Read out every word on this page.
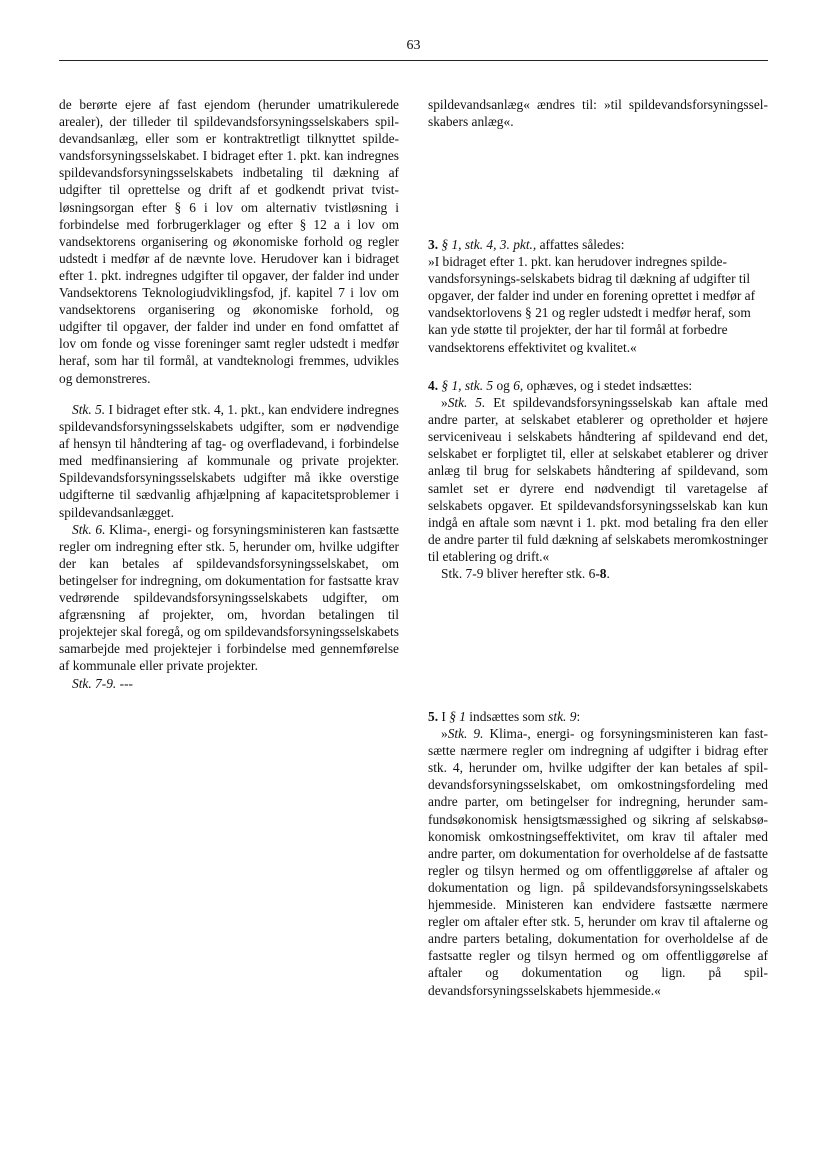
63

de berørte ejere af fast ejendom (herunder umatrikulerede arealer), der tilleder til spildevandsforsyningsselskabers spildevandsanlæg, eller som er kontraktretligt tilknyttet spildevandsforsyningsselskabet. I bidraget efter 1. pkt. kan indregnes spildevandsforsyningsselskabets indbetaling til dækning af udgifter til oprettelse og drift af et godkendt privat tvistløsningsorgan efter § 6 i lov om alternativ tvistløsning i forbindelse med forbrugerklager og efter § 12 a i lov om vandsektorens organisering og økonomiske forhold og regler udstedt i medfør af de nævnte love. Herudover kan i bidraget efter 1. pkt. indregnes udgifter til opgaver, der falder ind under Vandsektorens Teknologiudviklingsfod, jf. kapitel 7 i lov om vandsektorens organisering og økonomiske forhold, og udgifter til opgaver, der falder ind under en fond omfattet af lov om fonde og visse foreninger samt regler udstedt i medfør heraf, som har til formål, at vandteknologi fremmes, udvikles og demonstreres.

Stk. 5. I bidraget efter stk. 4, 1. pkt., kan endvidere indregnes spildevandsforsyningsselskabets udgifter, som er nødvendige af hensyn til håndtering af tag- og overfladevand, i forbindelse med medfinansiering af kommunale og private projekter. Spildevandsforsyningsselskabets udgifter må ikke overstige udgifterne til sædvanlig afhjælpning af kapacitetsproblemer i spildevandsanlægget.

Stk. 6. Klima-, energi- og forsyningsministeren kan fastsætte regler om indregning efter stk. 5, herunder om, hvilke udgifter der kan betales af spildevandsforsyningsselskabet, om betingelser for indregning, om dokumentation for fastsatte krav vedrørende spildevandsforsyningsselskabets udgifter, om afgrænsning af projekter, om, hvordan betalingen til projektejer skal foregå, og om spildevandsforsyningsselskabets samarbejde med projektejer i forbindelse med gennemførelse af kommunale eller private projekter.

Stk. 7-9. ---

spildevandsanlæg« ændres til: »til spildevandsforsyningsselskabers anlæg«.

3. § 1, stk. 4, 3. pkt., affattes således:

»I bidraget efter 1. pkt. kan herudover indregnes spildevandsforsynings-selskabets bidrag til dækning af udgifter til opgaver, der falder ind under en forening oprettet i medfør af vandsektorlovens § 21 og regler udstedt i medfør heraf, som kan yde støtte til projekter, der har til formål at forbedre vandsektorens effektivitet og kvalitet.«

4. § 1, stk. 5 og 6, ophæves, og i stedet indsættes:

»Stk. 5. Et spildevandsforsyningsselskab kan aftale med andre parter, at selskabet etablerer og opretholder et højere serviceniveau i selskabets håndtering af spildevand end det, selskabet er forpligtet til, eller at selskabet etablerer og driver anlæg til brug for selskabets håndtering af spildevand, som samlet set er dyrere end nødvendigt til varetagelse af selskabets opgaver. Et spildevandsforsyningsselskab kan kun indgå en aftale som nævnt i 1. pkt. mod betaling fra den eller de andre parter til fuld dækning af selskabets meromkostninger til etablering og drift.«

Stk. 7-9 bliver herefter stk. 6-8.

5. I § 1 indsættes som stk. 9:

»Stk. 9. Klima-, energi- og forsyningsministeren kan fastsætte nærmere regler om indregning af udgifter i bidrag efter stk. 4, herunder om, hvilke udgifter der kan betales af spildevandsforsyningsselskabet, om omkostningsfordeling med andre parter, om betingelser for indregning, herunder samfundsøkonomisk hensigtsmæssighed og sikring af selskabsøkonomisk omkostningseffektivitet, om krav til aftaler med andre parter, om dokumentation for overholdelse af de fastsatte regler og tilsyn hermed og om offentliggørelse af aftaler og dokumentation og lign. på spildevandsforsyningsselskabets hjemmeside. Ministeren kan endvidere fastsætte nærmere regler om aftaler efter stk. 5, herunder om krav til aftalerne og andre parters betaling, dokumentation for overholdelse af de fastsatte regler og tilsyn hermed og om offentliggørelse af aftaler og dokumentation og lign. på spildevandsforsyningsselskabets hjemmeside.«
